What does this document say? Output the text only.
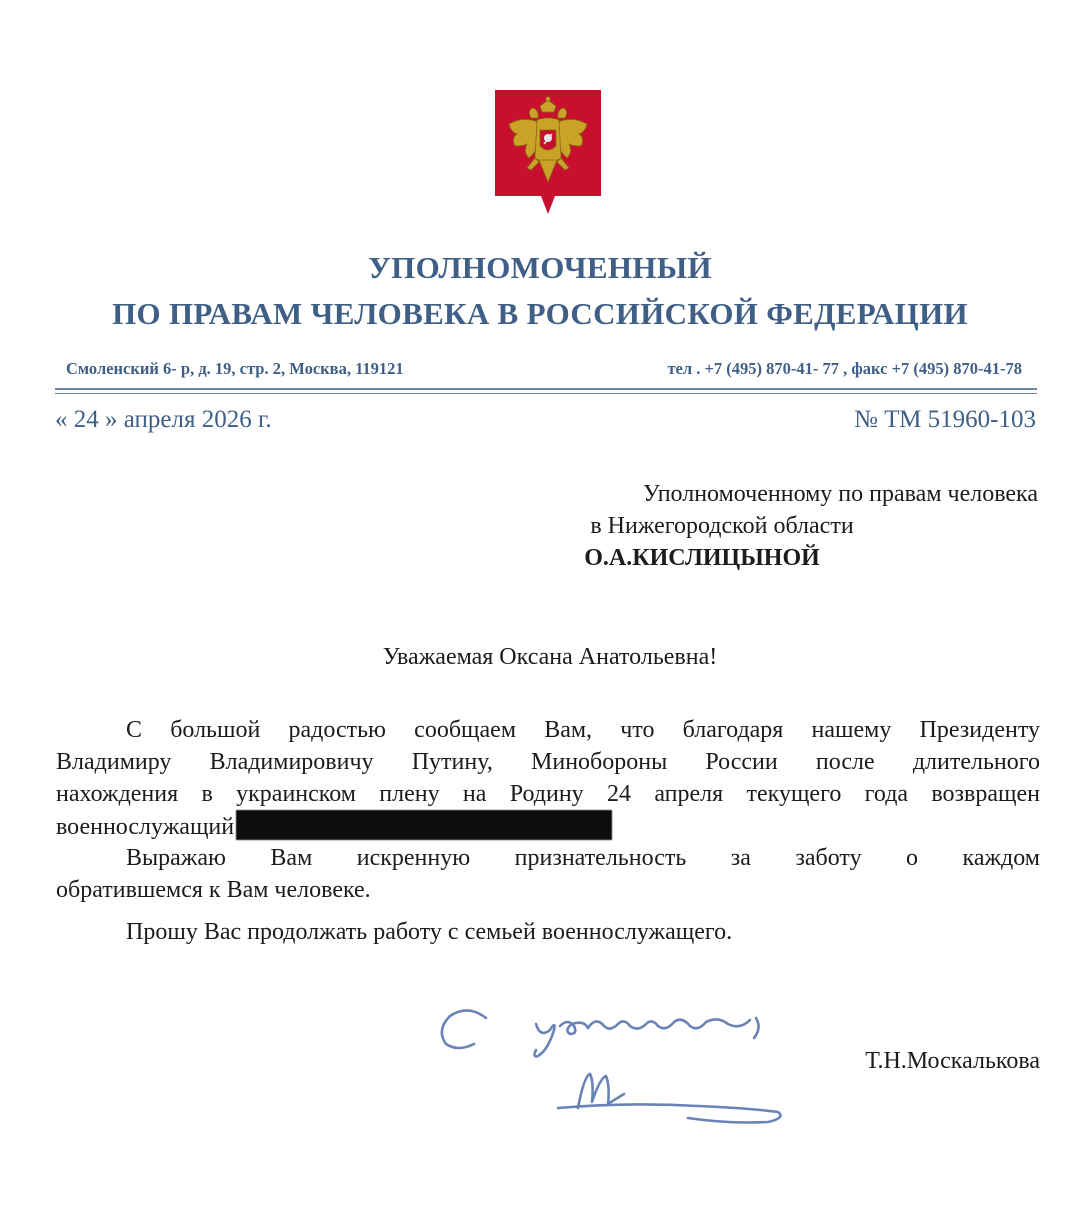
УПОЛНОМОЧЕННЫЙ
ПО ПРАВАМ ЧЕЛОВЕКА В РОССИЙСКОЙ ФЕДЕРАЦИИ
Смоленский 6- р, д. 19, стр. 2, Москва, 119121	тел . +7 (495) 870-41- 77 , факс +7 (495) 870-41-78
« 24 » апреля 2026 г.	№ ТМ 51960-103
Уполномоченному по правам человека
в Нижегородской области
О.А.КИСЛИЦЫНОЙ
Уважаемая Оксана Анатольевна!
С большой радостью сообщаем Вам, что благодаря нашему Президенту
Владимиру Владимировичу Путину, Минобороны России после длительного
нахождения в украинском плену на Родину 24 апреля текущего года возвращен
военнослужащий
Выражаю Вам искренную признательность за заботу о каждом
обратившемся к Вам человеке.
Прошу Вас продолжать работу с семьей военнослужащего.
Т.Н.Москалькова
